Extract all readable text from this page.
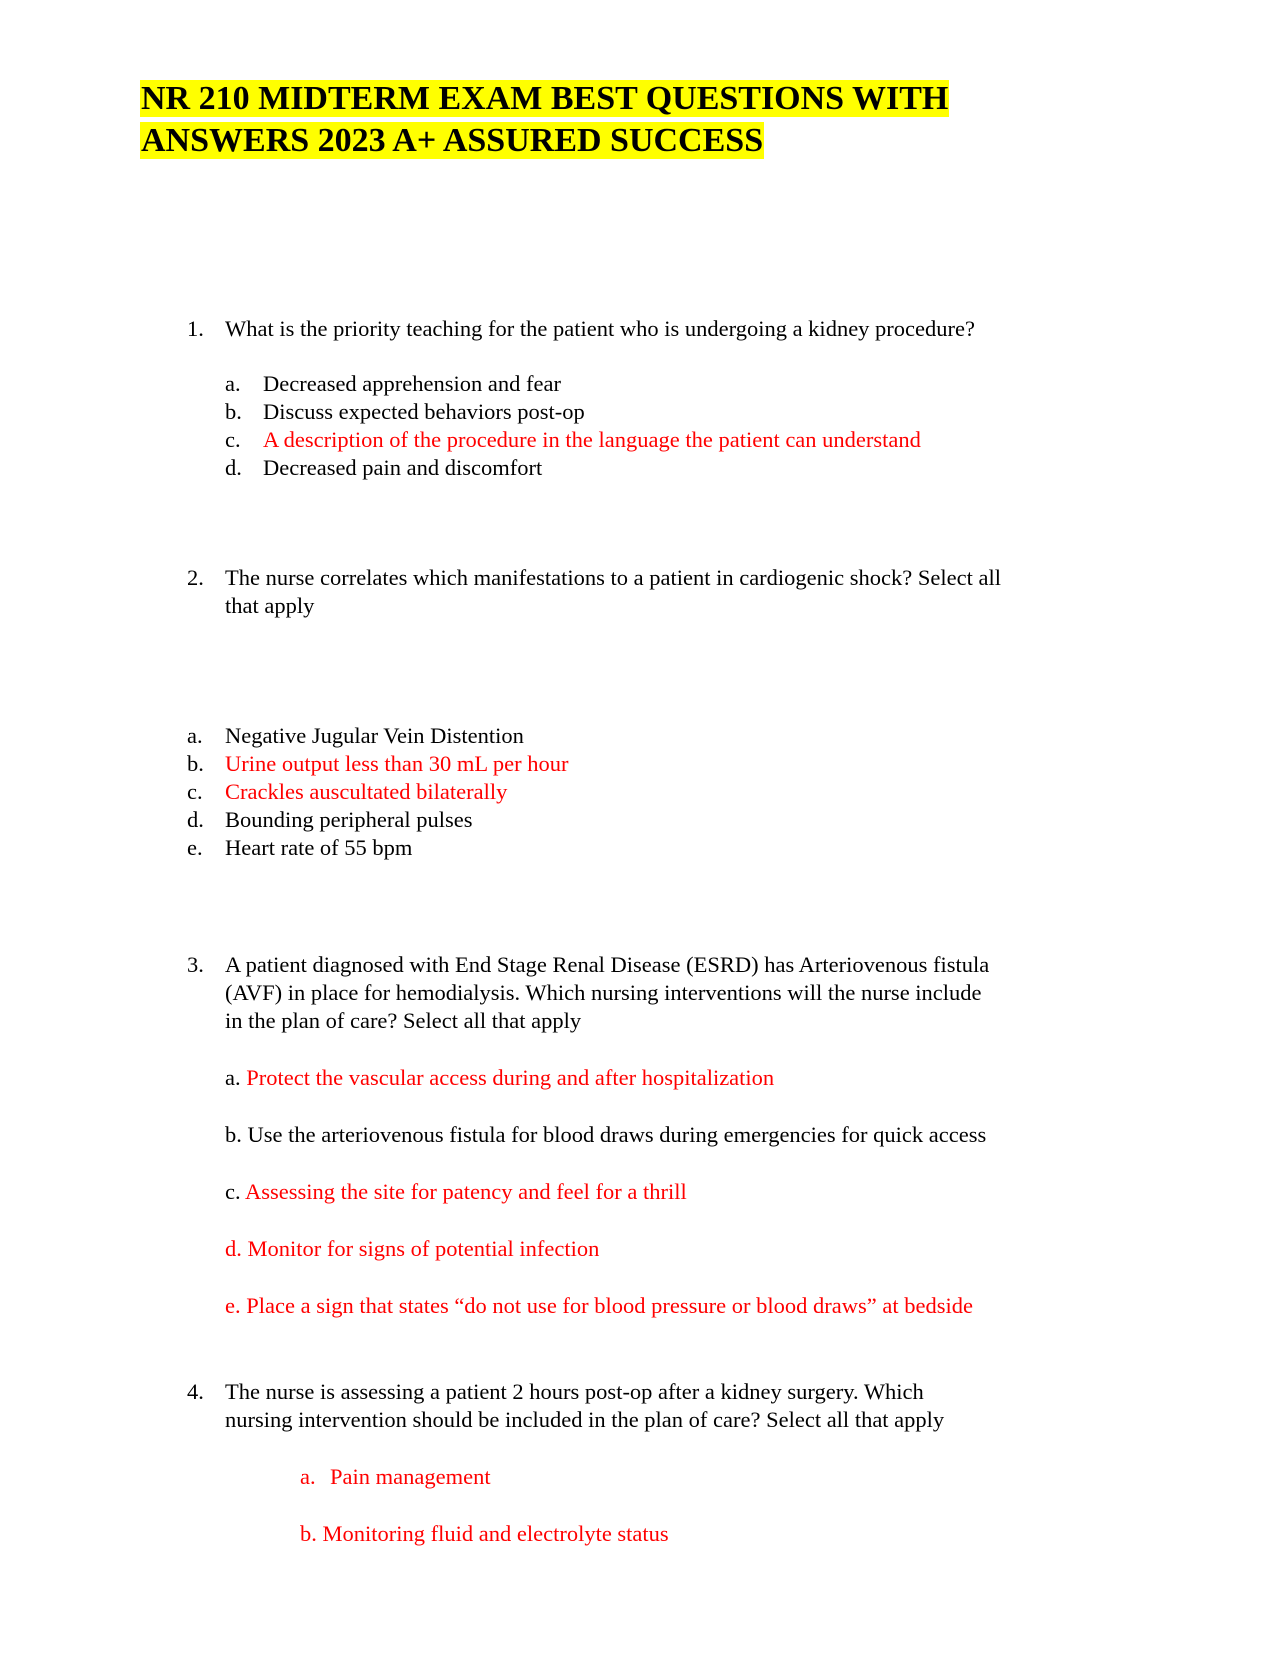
NR 210 MIDTERM EXAM BEST QUESTIONS WITH
ANSWERS 2023 A+ ASSURED SUCCESS
1. What is the priority teaching for the patient who is undergoing a kidney procedure?
a. Decreased apprehension and fear
b. Discuss expected behaviors post-op
c. A description of the procedure in the language the patient can understand
d. Decreased pain and discomfort
2. The nurse correlates which manifestations to a patient in cardiogenic shock? Select all
that apply
a. Negative Jugular Vein Distention
b. Urine output less than 30 mL per hour
c. Crackles auscultated bilaterally
d. Bounding peripheral pulses
e. Heart rate of 55 bpm
3. A patient diagnosed with End Stage Renal Disease (ESRD) has Arteriovenous fistula
(AVF) in place for hemodialysis. Which nursing interventions will the nurse include
in the plan of care? Select all that apply
a. Protect the vascular access during and after hospitalization
b. Use the arteriovenous fistula for blood draws during emergencies for quick access
c. Assessing the site for patency and feel for a thrill
d. Monitor for signs of potential infection
e. Place a sign that states “do not use for blood pressure or blood draws” at bedside
4. The nurse is assessing a patient 2 hours post-op after a kidney surgery. Which
nursing intervention should be included in the plan of care? Select all that apply
a. Pain management
b. Monitoring fluid and electrolyte status
